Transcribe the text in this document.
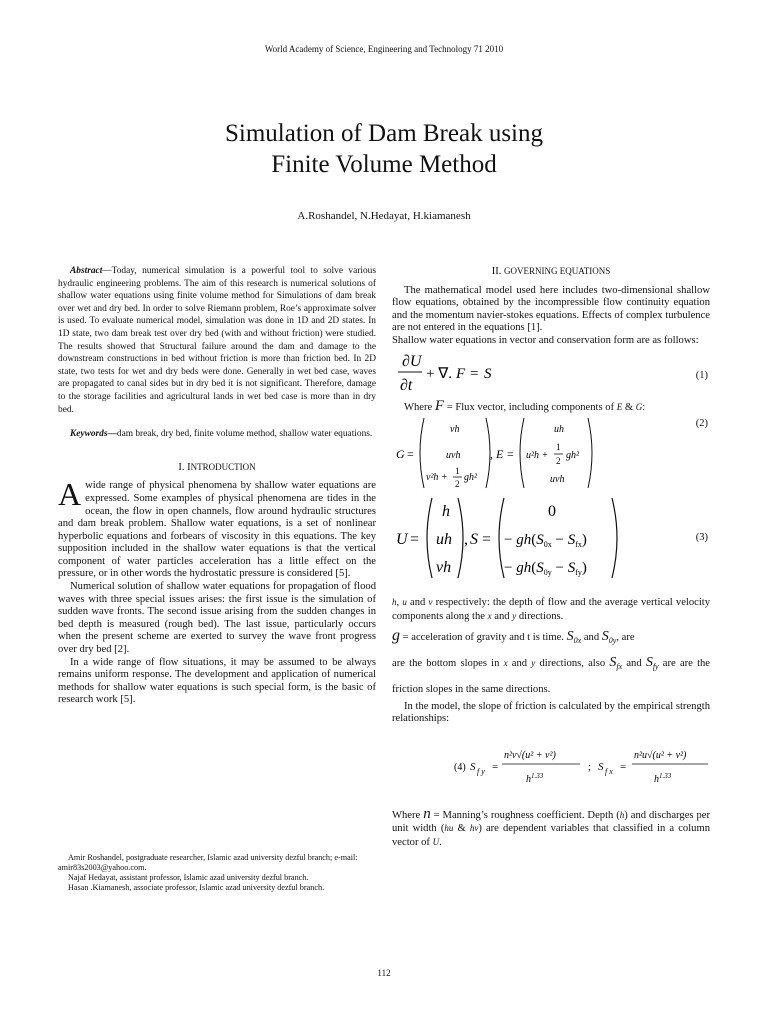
World Academy of Science, Engineering and Technology 71 2010
Simulation of Dam Break using
Finite Volume Method
A.Roshandel, N.Hedayat, H.kiamanesh

Abstract—Today, numerical simulation is a powerful tool to solve various hydraulic engineering problems. The aim of this research is numerical solutions of shallow water equations using finite volume method for Simulations of dam break over wet and dry bed. In order to solve Riemann problem, Roe’s approximate solver is used. To evaluate numerical model, simulation was done in 1D and 2D states. In 1D state, two dam break test over dry bed (with and without friction) were studied. The results showed that Structural failure around the dam and damage to the downstream constructions in bed without friction is more than friction bed. In 2D state, two tests for wet and dry beds were done. Generally in wet bed case, waves are propagated to canal sides but in dry bed it is not significant. Therefore, damage to the storage facilities and agricultural lands in wet bed case is more than in dry bed.

Keywords—dam break, dry bed, finite volume method, shallow water equations.

I. INTRODUCTION

Awide range of physical phenomena by shallow water equations are expressed. Some examples of physical phenomena are tides in the ocean, the flow in open channels, flow around hydraulic structures and dam break problem. Shallow water equations, is a set of nonlinear hyperbolic equations and forbears of viscosity in this equations. The key supposition included in the shallow water equations is that the vertical component of water particles acceleration has a little effect on the pressure, or in other words the hydrostatic pressure is considered [5].

Numerical solution of shallow water equations for propagation of flood waves with three special issues arises: the first issue is the simulation of sudden wave fronts. The second issue arising from the sudden changes in bed depth is measured (rough bed). The last issue, particularly occurs when the present scheme are exerted to survey the wave front progress over dry bed [2].

In a wide range of flow situations, it may be assumed to be always remains uniform response. The development and application of numerical methods for shallow water equations is such special form, is the basic of research work [5].

Amir Roshandel, postgraduate researcher, Islamic azad university dezful branch; e-mail: amir83s2003@yahoo.com.

Najaf Hedayat, assistant professor, Islamic azad university dezful branch.

Hasan .Kiamanesh, associate professor, Islamic azad university dezful branch.

II. GOVERNING EQUATIONS

The mathematical model used here includes two-dimensional shallow flow equations, obtained by the incompressible flow continuity equation and the momentum navier-stokes equations. Effects of complex turbulence are not entered in the equations [1].

Shallow water equations in vector and conservation form are as follows:

∂U
∂t
+ ∇. F = S	(1)

Where F = Flux vector, including components of E & G:

G =
vh
uvh
v²h +
1
2
gh²
, E =
uh
u²h +
1
2 gh²
uvh
(2)
U =
h
uh
vh
, S =
0
− $gh(S_{0x} - S_{fx})$
− $gh(S_{0y} - S_{fy})$
(3)

h, u and v respectively: the depth of flow and the average vertical velocity components along the x and y directions.

g = acceleration of gravity and t is time. $S_{0x}$ and $S_{0y}$, are

are the bottom slopes in x and y directions, also $S_{fx}$ and $S_{fy}$ are are the friction slopes in the same directions.

In the model, the slope of friction is calculated by the empirical strength relationships:

(4) S f y =
n²v√(u² + v²)
$h^{1.33}$
; S f x =
n²u√(u² + v²)
$h^{1.33}$

Where n = Manning’s roughness coefficient. Depth (h) and discharges per unit width (hu & hv) are dependent variables that classified in a column vector of U.

112
